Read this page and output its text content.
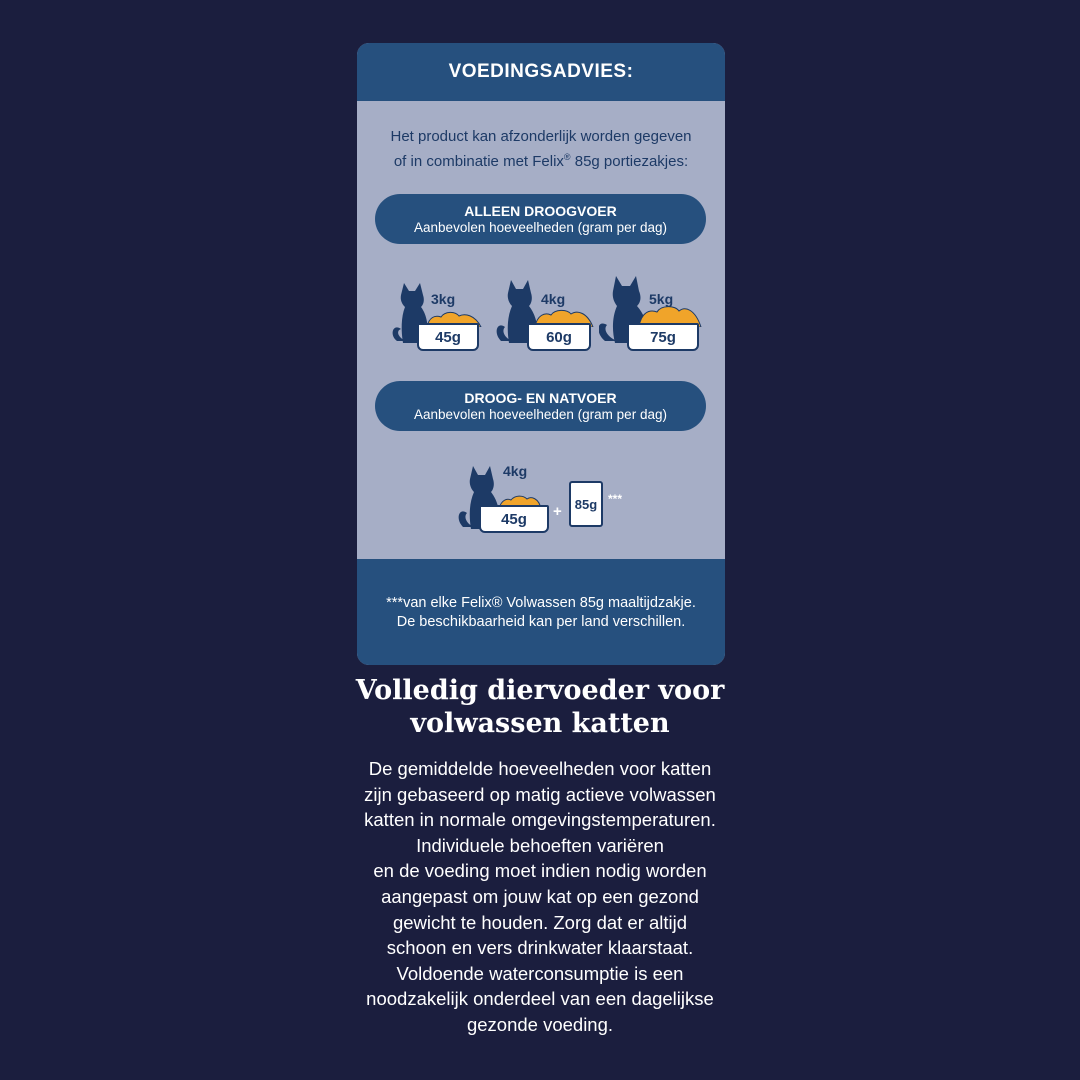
VOEDINGSADVIES:
Het product kan afzonderlijk worden gegeven
of in combinatie met Felix® 85g portiezakjes:
ALLEEN DROOGVOER
Aanbevolen hoeveelheden (gram per dag)
3kg
45g
4kg
60g
5kg
75g
DROOG- EN NATVOER
Aanbevolen hoeveelheden (gram per dag)
4kg
45g + 85g ***
***van elke Felix® Volwassen 85g maaltijdzakje.
De beschikbaarheid kan per land verschillen.
Volledig diervoeder voor
volwassen katten
De gemiddelde hoeveelheden voor katten
zijn gebaseerd op matig actieve volwassen
katten in normale omgevingstemperaturen.
Individuele behoeften variëren
en de voeding moet indien nodig worden
aangepast om jouw kat op een gezond
gewicht te houden. Zorg dat er altijd
schoon en vers drinkwater klaarstaat.
Voldoende waterconsumptie is een
noodzakelijk onderdeel van een dagelijkse
gezonde voeding.
